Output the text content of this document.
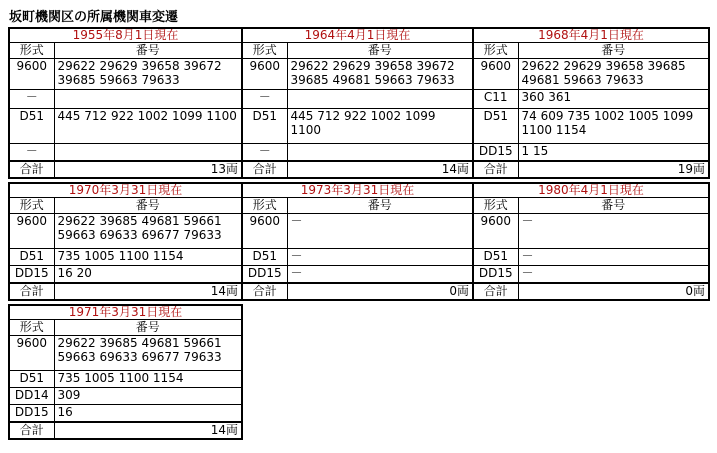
坂町機関区の所属機関車変遷
1955年8月1日現在	
形式	番号
9600	29622 29629 39658 39672 39685 59663 79633
－	
D51	445 712 922 1002 1099 1100
－	
合計	13両
1964年4月1日現在	
形式	番号
9600	29622 29629 39658 39672 39685 49681 59663 79633
－	
D51	445 712 922 1002 1099 1100
－	
合計	14両
1968年4月1日現在	
形式	番号
9600	29622 29629 39658 39685 49681 59663 79633
C11	360 361
D51	74 609 735 1002 1005 1099 1100 1154
DD15	1 15
合計	19両
1970年3月31日現在	
形式	番号
9600	29622 39685 49681 59661 59663 69633 69677 79633
D51	735 1005 1100 1154
DD15	16 20
合計	14両
1973年3月31日現在	
形式	番号
9600	－
D51	－
DD15	－
合計	0両
1980年4月1日現在	
形式	番号
9600	－
D51	－
DD15	－
合計	0両
1971年3月31日現在	
形式	番号
9600	29622 39685 49681 59661 59663 69633 69677 79633
D51	735 1005 1100 1154
DD14	309
DD15	16
合計	14両
